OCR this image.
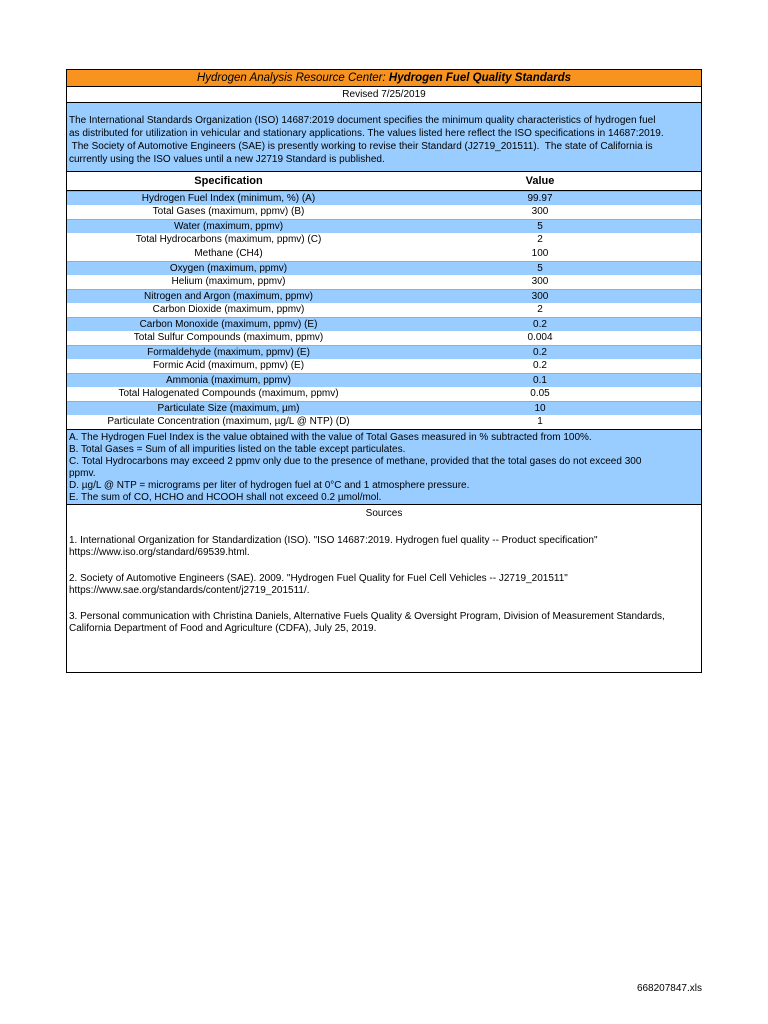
Hydrogen Analysis Resource Center: Hydrogen Fuel Quality Standards
Revised 7/25/2019
The International Standards Organization (ISO) 14687:2019 document specifies the minimum quality characteristics of hydrogen fuel
as distributed for utilization in vehicular and stationary applications. The values listed here reflect the ISO specifications in 14687:2019.
The Society of Automotive Engineers (SAE) is presently working to revise their Standard (J2719_201511).  The state of California is
currently using the ISO values until a new J2719 Standard is published.
Specification	Value
Hydrogen Fuel Index (minimum, %) (A)	99.97
Total Gases (maximum, ppmv) (B)	300
Water (maximum, ppmv)	5
Total Hydrocarbons (maximum, ppmv) (C)	2
Methane (CH4)	100
Oxygen (maximum, ppmv)	5
Helium (maximum, ppmv)	300
Nitrogen and Argon (maximum, ppmv)	300
Carbon Dioxide (maximum, ppmv)	2
Carbon Monoxide (maximum, ppmv) (E)	0.2
Total Sulfur Compounds (maximum, ppmv)	0.004
Formaldehyde (maximum, ppmv) (E)	0.2
Formic Acid (maximum, ppmv) (E)	0.2
Ammonia (maximum, ppmv)	0.1
Total Halogenated Compounds (maximum, ppmv)	0.05
Particulate Size (maximum, µm)	10
Particulate Concentration (maximum, µg/L @ NTP) (D)	1
A. The Hydrogen Fuel Index is the value obtained with the value of Total Gases measured in % subtracted from 100%.
B. Total Gases = Sum of all impurities listed on the table except particulates.
C. Total Hydrocarbons may exceed 2 ppmv only due to the presence of methane, provided that the total gases do not exceed 300
ppmv.
D. µg/L @ NTP = micrograms per liter of hydrogen fuel at 0°C and 1 atmosphere pressure.
E. The sum of CO, HCHO and HCOOH shall not exceed 0.2 µmol/mol.
Sources
1. International Organization for Standardization (ISO). "ISO 14687:2019. Hydrogen fuel quality -- Product specification"
https://www.iso.org/standard/69539.html.
2. Society of Automotive Engineers (SAE). 2009. "Hydrogen Fuel Quality for Fuel Cell Vehicles -- J2719_201511"
https://www.sae.org/standards/content/j2719_201511/.
3. Personal communication with Christina Daniels, Alternative Fuels Quality & Oversight Program, Division of Measurement Standards,
California Department of Food and Agriculture (CDFA), July 25, 2019.
668207847.xls
